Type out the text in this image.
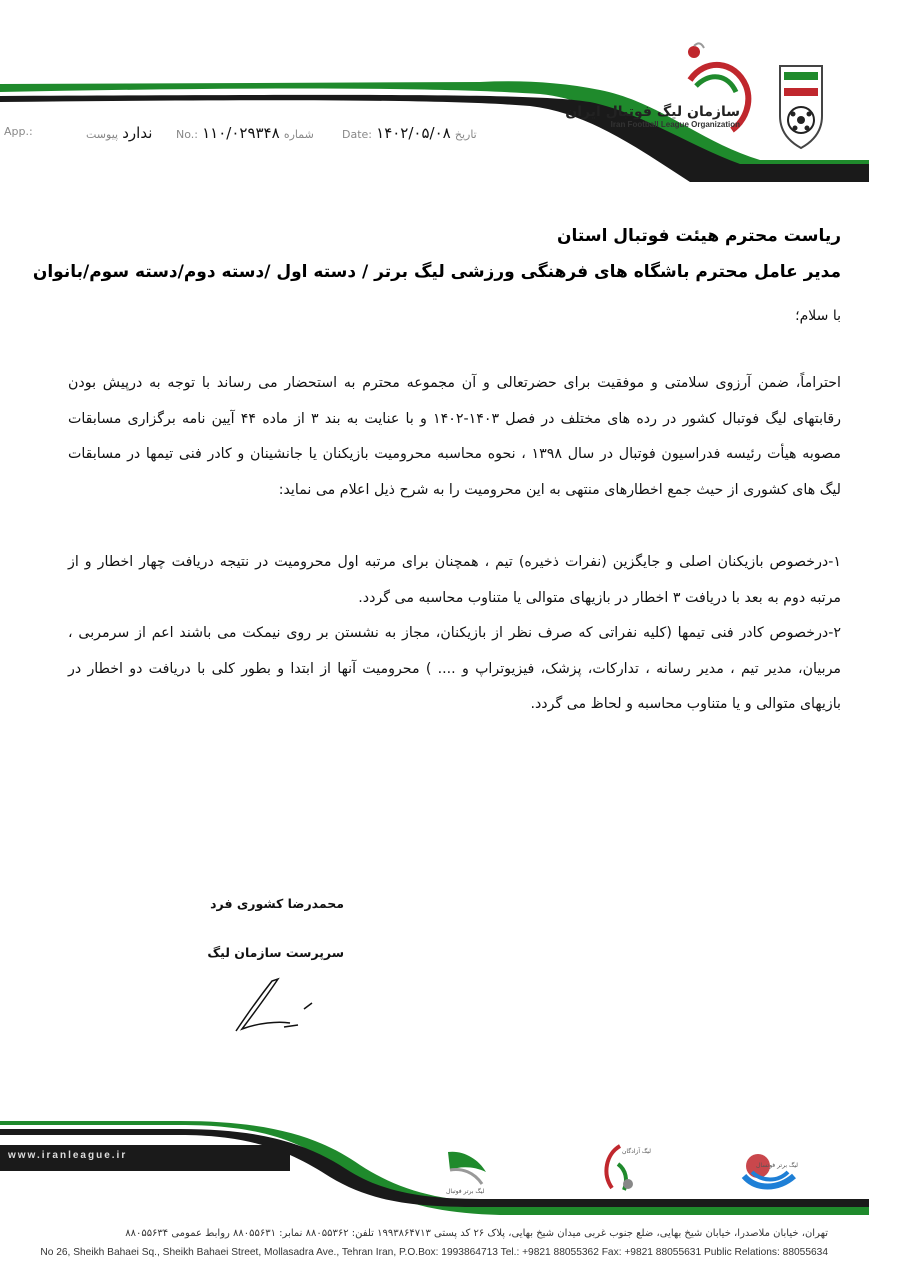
App.:	ندارد پیوست	No.: ۱۱۰/۰۲۹۳۴۸ شماره	Date: ۱۴۰۲/۰۵/۰۸ تاریخ
سازمان لیگ فوتبال ایران
Iran Football League Organization
ریاست محترم هیئت فوتبال استان
مدیر عامل محترم باشگاه های فرهنگی ورزشی لیگ برتر / دسته اول /دسته دوم/دسته سوم/بانوان
با سلام؛
احتراماً، ضمن آرزوی سلامتی و موفقیت برای حضرتعالی و آن مجموعه محترم به استحضار می رساند با توجه به درپیش بودن رقابتهای لیگ فوتبال کشور در رده های مختلف در فصل ۱۴۰۳-۱۴۰۲ و با عنایت به بند ۳ از ماده ۴۴ آیین نامه برگزاری مسابقات مصوبه هیأت رئیسه فدراسیون فوتبال در سال ۱۳۹۸ ، نحوه محاسبه محرومیت بازیکنان یا جانشینان و کادر فنی تیمها در مسابقات لیگ های کشوری از حیث جمع اخطارهای منتهی به این محرومیت را به شرح ذیل اعلام می نماید:
۱-درخصوص بازیکنان اصلی و جایگزین (نفرات ذخیره) تیم ، همچنان برای مرتبه اول محرومیت در نتیجه دریافت چهار اخطار و از مرتبه دوم به بعد با دریافت ۳ اخطار در بازیهای متوالی یا متناوب محاسبه می گردد.
۲-درخصوص کادر فنی تیمها (کلیه نفراتی که صرف نظر از بازیکنان، مجاز به نشستن بر روی نیمکت می باشند اعم از سرمربی ، مربیان، مدیر تیم ، مدیر رسانه ، تدارکات، پزشک، فیزیوتراپ و .... ) محرومیت آنها از ابتدا و بطور کلی با دریافت دو اخطار در بازیهای متوالی و یا متناوب محاسبه و لحاظ می گردد.
محمدرضا کشوری فرد
سرپرست سازمان لیگ
www.iranleague.ir
لیگ برتر فوتبال
لیگ آزادگان
لیگ برتر فوتسال
تهران، خیابان ملاصدرا، خیابان شیخ بهایی، ضلع جنوب غربی میدان شیخ بهایی، پلاک ۲۶ کد پستی ۱۹۹۳۸۶۴۷۱۳ تلفن: ۸۸۰۵۵۳۶۲ نمابر: ۸۸۰۵۵۶۳۱ روابط عمومی ۸۸۰۵۵۶۳۴
No 26, Sheikh Bahaei Sq., Sheikh Bahaei Street, Mollasadra Ave., Tehran Iran, P.O.Box: 1993864713 Tel.: +9821 88055362 Fax: +9821 88055631 Public Relations: 88055634
